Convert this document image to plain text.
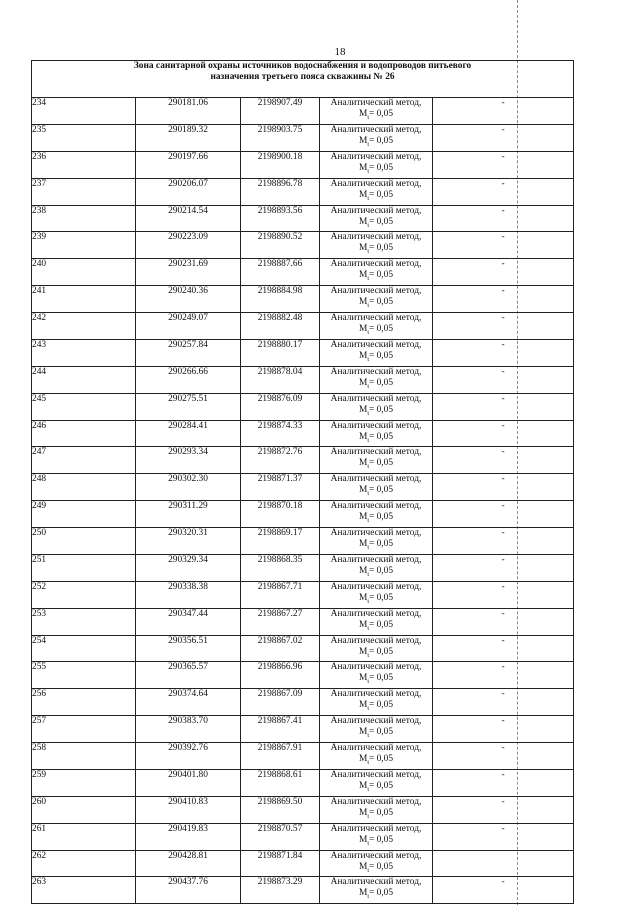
18
Зона санитарной охраны источников водоснабжения и водопроводов питьевого
назначения третьего пояса скважины № 26				

234	290181.06	2198907.49	Аналитический метод,
$M_t= 0,05$	-
235	290189.32	2198903.75	Аналитический метод,
$M_t= 0,05$	-
236	290197.66	2198900.18	Аналитический метод,
$M_t= 0,05$	-
237	290206.07	2198896.78	Аналитический метод,
$M_t= 0,05$	-
238	290214.54	2198893.56	Аналитический метод,
$M_t= 0,05$	-
239	290223.09	2198890.52	Аналитический метод,
$M_t= 0,05$	-
240	290231.69	2198887.66	Аналитический метод,
$M_t= 0,05$	-
241	290240.36	2198884.98	Аналитический метод,
$M_t= 0,05$	-
242	290249.07	2198882.48	Аналитический метод,
$M_t= 0,05$	-
243	290257.84	2198880.17	Аналитический метод,
$M_t= 0,05$	-
244	290266.66	2198878.04	Аналитический метод,
$M_t= 0,05$	-
245	290275.51	2198876.09	Аналитический метод,
$M_t= 0,05$	-
246	290284.41	2198874.33	Аналитический метод,
$M_t= 0,05$	-
247	290293.34	2198872.76	Аналитический метод,
$M_t= 0,05$	-
248	290302.30	2198871.37	Аналитический метод,
$M_t= 0,05$	-
249	290311.29	2198870.18	Аналитический метод,
$M_t= 0,05$	-
250	290320.31	2198869.17	Аналитический метод,
$M_t= 0,05$	-
251	290329.34	2198868.35	Аналитический метод,
$M_t= 0,05$	-
252	290338.38	2198867.71	Аналитический метод,
$M_t= 0,05$	-
253	290347.44	2198867.27	Аналитический метод,
$M_t= 0,05$	-
254	290356.51	2198867.02	Аналитический метод,
$M_t= 0,05$	-
255	290365.57	2198866.96	Аналитический метод,
$M_t= 0,05$	-
256	290374.64	2198867.09	Аналитический метод,
$M_t= 0,05$	-
257	290383.70	2198867.41	Аналитический метод,
$M_t= 0,05$	-
258	290392.76	2198867.91	Аналитический метод,
$M_t= 0,05$	-
259	290401.80	2198868.61	Аналитический метод,
$M_t= 0,05$	-
260	290410.83	2198869.50	Аналитический метод,
$M_t= 0,05$	-
261	290419.83	2198870.57	Аналитический метод,
$M_t= 0,05$	-
262	290428.81	2198871.84	Аналитический метод,
$M_t= 0,05$	

263	290437.76	2198873.29	Аналитический метод,
$M_t= 0,05$	-
